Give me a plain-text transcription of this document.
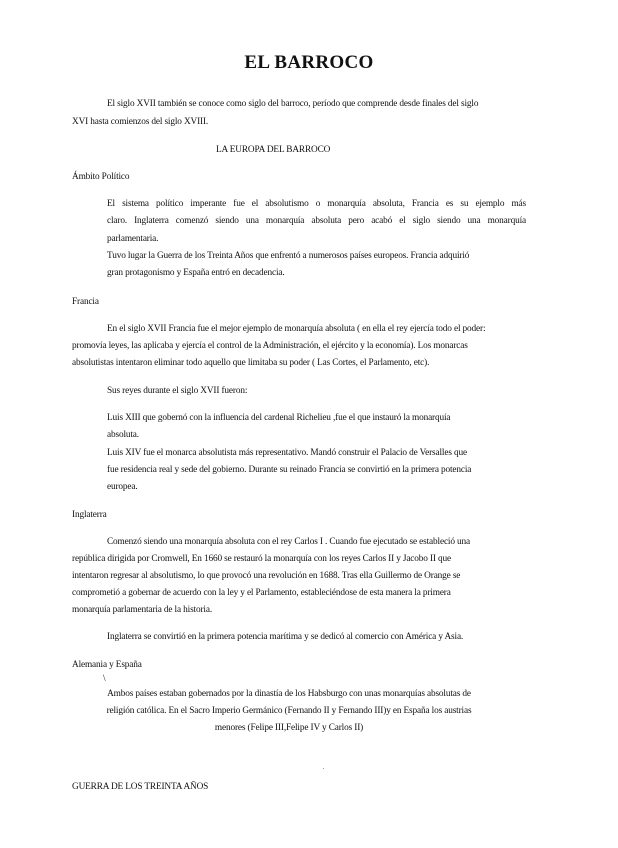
EL BARROCO
El siglo XVII también se conoce como siglo del barroco, período que comprende desde finales del siglo
XVI hasta comienzos del siglo XVIII.
LA EUROPA DEL BARROCO
Ámbito Político
El sistema político imperante fue el absolutismo o monarquía absoluta, Francia es su ejemplo más
claro. Inglaterra comenzó siendo una monarquía absoluta pero acabó el siglo siendo una monarquía
parlamentaria.
Tuvo lugar la Guerra de los Treinta Años que enfrentó a numerosos países europeos. Francia adquirió
gran protagonismo y España entró en decadencia.
Francia
En el siglo XVII Francia fue el mejor ejemplo de monarquía absoluta ( en ella el rey ejercía todo el poder:
promovía leyes, las aplicaba y ejercía el control de la Administración, el ejército y la economía). Los monarcas
absolutistas intentaron eliminar todo aquello que limitaba su poder ( Las Cortes, el Parlamento, etc).
Sus reyes durante el siglo XVII fueron:
Luis XIII que gobernó con la influencia del cardenal Richelieu ,fue el que instauró la monarquía
absoluta.
Luis XIV fue el monarca absolutista más representativo. Mandó construir el Palacio de Versalles que
fue residencia real y sede del gobierno. Durante su reinado Francia se convirtió en la primera potencia
europea.
Inglaterra
Comenzó siendo una monarquía absoluta con el rey Carlos I . Cuando fue ejecutado se estableció una
república dirigida por Cromwell, En 1660 se restauró la monarquía con los reyes Carlos II y Jacobo II que
intentaron regresar al absolutismo, lo que provocó una revolución en 1688. Tras ella Guillermo de Orange se
comprometió a gobernar de acuerdo con la ley y el Parlamento, estableciéndose de esta manera la primera
monarquía parlamentaria de la historia.
Inglaterra se convirtió en la primera potencia marítima y se dedicó al comercio con América y Asia.
Alemania y España
\
Ambos países estaban gobernados por la dinastía de los Habsburgo con unas monarquías absolutas de
religión católica. En el Sacro Imperio Germánico (Fernando II y Fernando III)y en España los austrias
menores (Felipe III,Felipe IV y Carlos II)
GUERRA DE LOS TREINTA AÑOS
